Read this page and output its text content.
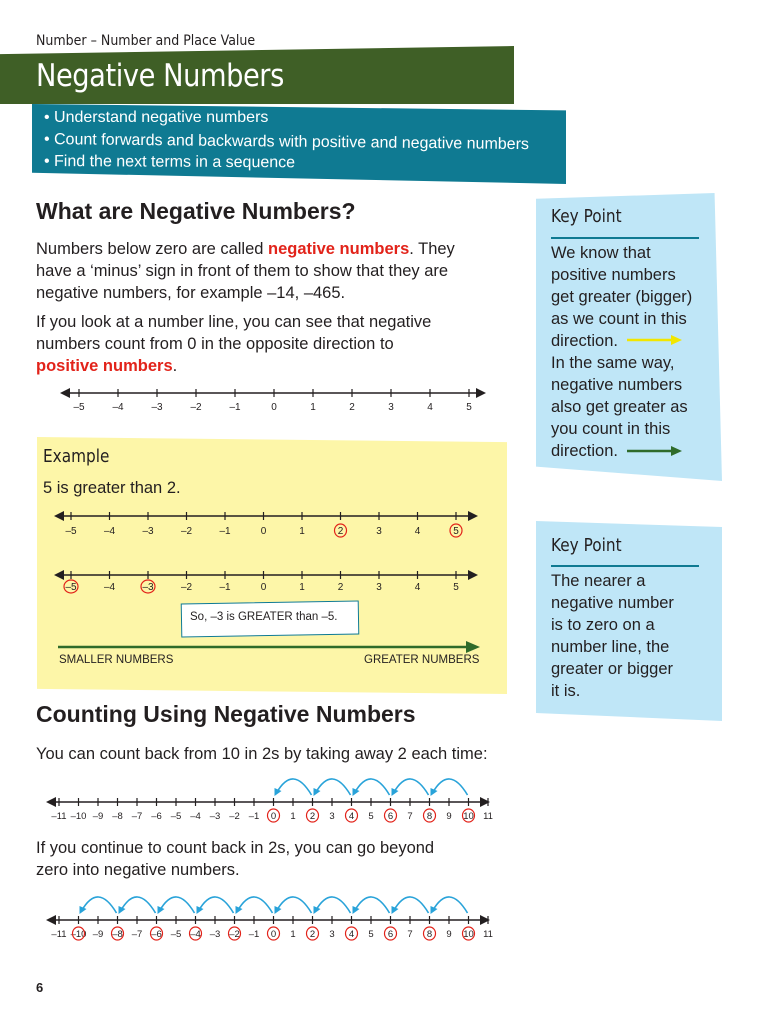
Number – Number and Place Value
Negative Numbers
• Understand negative numbers
• Count forwards and backwards with positive and negative numbers
• Find the next terms in a sequence
What are Negative Numbers?
Numbers below zero are called negative numbers. They
have a ‘minus’ sign in front of them to show that they are
negative numbers, for example –14, –465.
If you look at a number line, you can see that negative
numbers count from 0 in the opposite direction to
positive numbers.
–5	–4	–3	–2	–1	0	1	2	3	4	5
Example
5 is greater than 2.
–5	–4	–3	–2	–1	0	1	2	3	4	5
–5	–4	–3	–2	–1	0	1	2	3	4	5
So, –3 is GREATER than –5.
SMALLER NUMBERS	GREATER NUMBERS
Counting Using Negative Numbers
You can count back from 10 in 2s by taking away 2 each time:
–11 –10 –9 –8 –7 –6 –5 –4 –3 –2 –1 0 1 2 3 4 5 6 7 8 9 10 11
If you continue to count back in 2s, you can go beyond
zero into negative numbers.
–11 –10 –9 –8 –7 –6 –5 –4 –3 –2 –1 0 1 2 3 4 5 6 7 8 9 10 11
Key Point
We know that
positive numbers
get greater (bigger)
as we count in this
direction.
In the same way,
negative numbers
also get greater as
you count in this
direction.
Key Point
The nearer a
negative number
is to zero on a
number line, the
greater or bigger
it is.
6
